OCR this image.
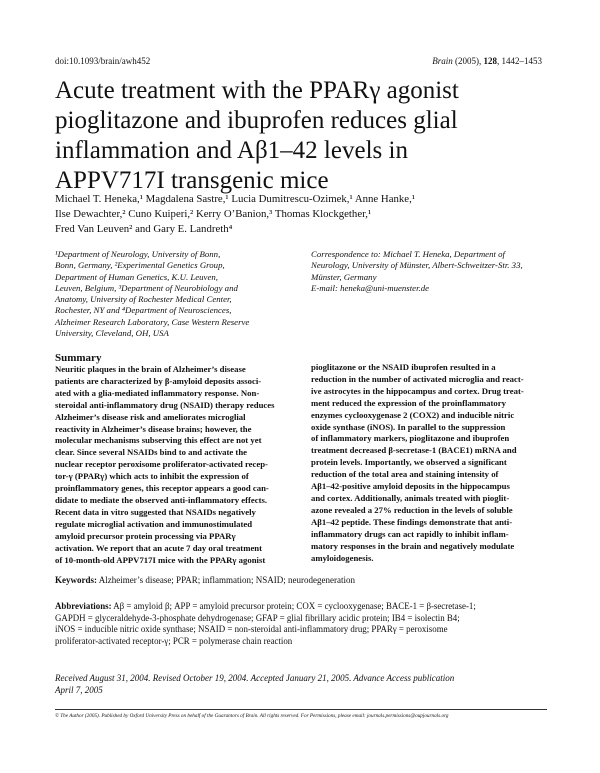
doi:10.1093/brain/awh452	Brain (2005), 128, 1442–1453
Acute treatment with the PPARγ agonist
pioglitazone and ibuprofen reduces glial
inflammation and Aβ1–42 levels in
APPV717I transgenic mice
Michael T. Heneka,¹ Magdalena Sastre,¹ Lucia Dumitrescu-Ozimek,¹ Anne Hanke,¹
Ilse Dewachter,² Cuno Kuiperi,² Kerry O’Banion,³ Thomas Klockgether,¹
Fred Van Leuven² and Gary E. Landreth⁴
¹Department of Neurology, University of Bonn,
Bonn, Germany, ²Experimental Genetics Group,
Department of Human Genetics, K.U. Leuven,
Leuven, Belgium, ³Department of Neurobiology and
Anatomy, University of Rochester Medical Center,
Rochester, NY and ⁴Department of Neurosciences,
Alzheimer Research Laboratory, Case Western Reserve
University, Cleveland, OH, USA
Correspondence to: Michael T. Heneka, Department of
Neurology, University of Münster, Albert-Schweitzer-Str. 33,
Münster, Germany
E-mail: heneka@uni-muenster.de
Summary
Neuritic plaques in the brain of Alzheimer’s disease
patients are characterized by β-amyloid deposits associ-
ated with a glia-mediated inflammatory response. Non-
steroidal anti-inflammatory drug (NSAID) therapy reduces
Alzheimer’s disease risk and ameliorates microglial
reactivity in Alzheimer’s disease brains; however, the
molecular mechanisms subserving this effect are not yet
clear. Since several NSAIDs bind to and activate the
nuclear receptor peroxisome proliferator-activated recep-
tor-γ (PPARγ) which acts to inhibit the expression of
proinflammatory genes, this receptor appears a good can-
didate to mediate the observed anti-inflammatory effects.
Recent data in vitro suggested that NSAIDs negatively
regulate microglial activation and immunostimulated
amyloid precursor protein processing via PPARγ
activation. We report that an acute 7 day oral treatment
of 10-month-old APPV717I mice with the PPARγ agonist
pioglitazone or the NSAID ibuprofen resulted in a
reduction in the number of activated microglia and react-
ive astrocytes in the hippocampus and cortex. Drug treat-
ment reduced the expression of the proinflammatory
enzymes cyclooxygenase 2 (COX2) and inducible nitric
oxide synthase (iNOS). In parallel to the suppression
of inflammatory markers, pioglitazone and ibuprofen
treatment decreased β-secretase-1 (BACE1) mRNA and
protein levels. Importantly, we observed a significant
reduction of the total area and staining intensity of
Aβ1–42-positive amyloid deposits in the hippocampus
and cortex. Additionally, animals treated with pioglit-
azone revealed a 27% reduction in the levels of soluble
Aβ1–42 peptide. These findings demonstrate that anti-
inflammatory drugs can act rapidly to inhibit inflam-
matory responses in the brain and negatively modulate
amyloidogenesis.
Keywords: Alzheimer’s disease; PPAR; inflammation; NSAID; neurodegeneration
Abbreviations: Aβ = amyloid β; APP = amyloid precursor protein; COX = cyclooxygenase; BACE-1 = β-secretase-1;
GAPDH = glyceraldehyde-3-phosphate dehydrogenase; GFAP = glial fibrillary acidic protein; IB4 = isolectin B4;
iNOS = inducible nitric oxide synthase; NSAID = non-steroidal anti-inflammatory drug; PPARγ = peroxisome
proliferator-activated receptor-γ; PCR = polymerase chain reaction
Received August 31, 2004. Revised October 19, 2004. Accepted January 21, 2005. Advance Access publication
April 7, 2005
© The Author (2005). Published by Oxford University Press on behalf of the Guarantors of Brain. All rights reserved. For Permissions, please email: journals.permissions@oupjournals.org
